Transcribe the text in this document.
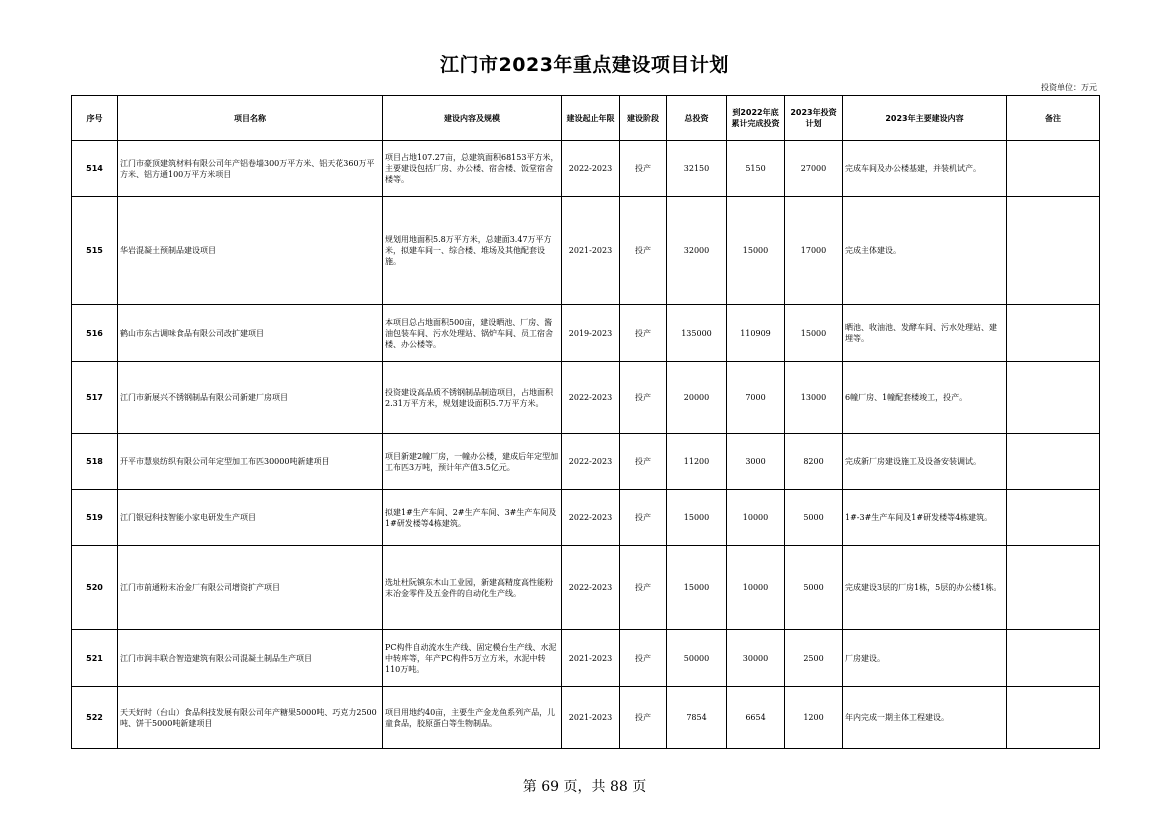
江门市2023年重点建设项目计划
投资单位：万元
序号	项目名称	建设内容及规模	建设起止年限	建设阶段	总投资	到2022年底累计完成投资	2023年投资计划	2023年主要建设内容	备注
514	江门市豪顶建筑材料有限公司年产铝卷墙300万平方米、铝天花360万平方米、铝方通100万平方米项目	项目占地107.27亩，总建筑面积68153平方米，主要建设包括厂房、办公楼、宿舍楼、饭堂宿舍楼等。	2022-2023	投产	32150	5150	27000	完成车间及办公楼基建，并装机试产。	
515	华岩混凝土预制品建设项目	规划用地面积5.8万平方米，总建面3.47万平方米，拟建车间一、综合楼、堆场及其他配套设施。	2021-2023	投产	32000	15000	17000	完成主体建设。	
516	鹤山市东古调味食品有限公司改扩建项目	本项目总占地面积500亩，建设晒池、厂房、酱油包装车间、污水处理站、锅炉车间、员工宿舍楼、办公楼等。	2019-2023	投产	135000	110909	15000	晒池、收油池、发酵车间、污水处理站、建埋等。	
517	江门市新展兴不锈钢制品有限公司新建厂房项目	投资建设高品质不锈钢制品制造项目，占地面积2.31万平方米，规划建设面积5.7万平方米。	2022-2023	投产	20000	7000	13000	6幢厂房、1幢配套楼竣工，投产。	
518	开平市慧泉纺织有限公司年定型加工布匹30000吨新建项目	项目新建2幢厂房，一幢办公楼，建成后年定型加工布匹3万吨，预计年产值3.5亿元。	2022-2023	投产	11200	3000	8200	完成新厂房建设施工及设备安装调试。	
519	江门银冠科技智能小家电研发生产项目	拟建1#生产车间、2#生产车间、3#生产车间及1#研发楼等4栋建筑。	2022-2023	投产	15000	10000	5000	1#-3#生产车间及1#研发楼等4栋建筑。	
520	江门市前通粉末冶金厂有限公司增资扩产项目	选址杜阮镇东木山工业园，新建高精度高性能粉末冶金零件及五金件的自动化生产线。	2022-2023	投产	15000	10000	5000	完成建设3层的厂房1栋，5层的办公楼1栋。	
521	江门市润丰联合智造建筑有限公司混凝土制品生产项目	PC构件自动流水生产线、固定模台生产线、水泥中转库等，年产PC构件5万立方米，水泥中转110万吨。	2021-2023	投产	50000	30000	2500	厂房建设。	
522	天天好时（台山）食品科技发展有限公司年产糖果5000吨、巧克力2500吨、饼干5000吨新建项目	项目用地约40亩，主要生产金龙鱼系列产品，儿童食品，胶原蛋白等生物制品。	2021-2023	投产	7854	6654	1200	年内完成一期主体工程建设。	
第 69 页，共 88 页
